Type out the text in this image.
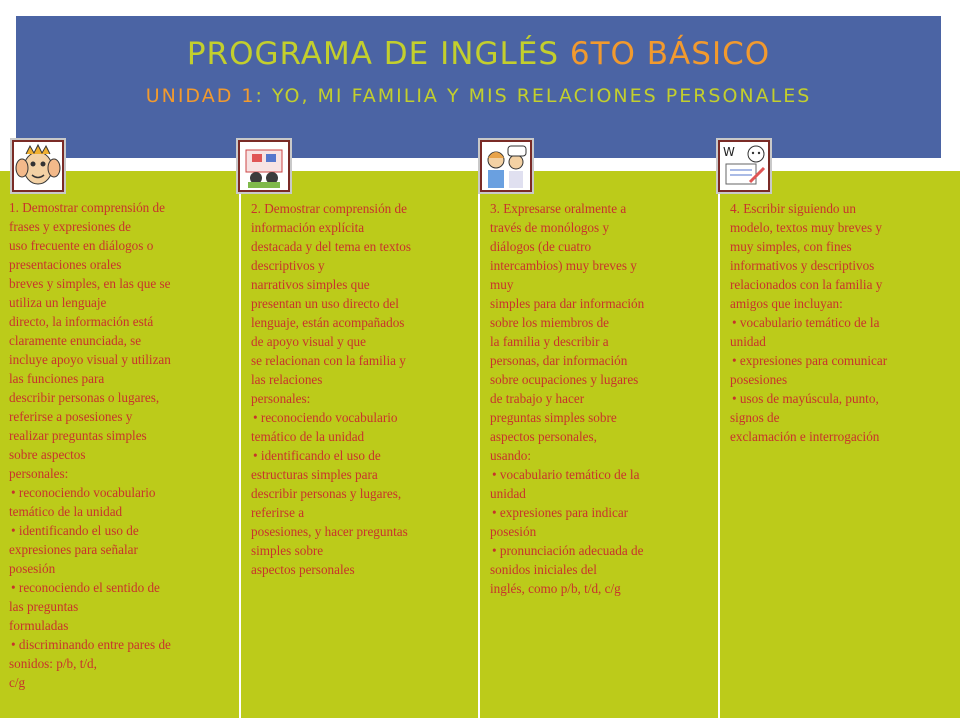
PROGRAMA DE INGLÉS 6TO BÁSICO
UNIDAD 1: YO, MI FAMILIA Y MIS RELACIONES PERSONALES
1. Demostrar comprensión de
frases y expresiones de
uso frecuente en diálogos o
presentaciones orales
breves y simples, en las que se
utiliza un lenguaje
directo, la información está
claramente enunciada, se
incluye apoyo visual y utilizan
las funciones para
describir personas o lugares,
referirse a posesiones y
realizar preguntas simples
sobre aspectos
personales:
• reconociendo vocabulario
temático de la unidad
• identificando el uso de
expresiones para señalar
posesión
• reconociendo el sentido de
las preguntas
formuladas
• discriminando entre pares de
sonidos: p/b, t/d,
c/g
2. Demostrar comprensión de
información explícita
destacada y del tema en textos
descriptivos y
narrativos simples que
presentan un uso directo del
lenguaje, están acompañados
de apoyo visual y que
se relacionan con la familia y
las relaciones
personales:
• reconociendo vocabulario
temático de la unidad
• identificando el uso de
estructuras simples para
describir personas y lugares,
referirse a
posesiones, y hacer preguntas
simples sobre
aspectos personales
3. Expresarse oralmente a
través de monólogos y
diálogos (de cuatro
intercambios) muy breves y
muy
simples para dar información
sobre los miembros de
la familia y describir a
personas, dar información
sobre ocupaciones y lugares
de trabajo y hacer
preguntas simples sobre
aspectos personales,
usando:
• vocabulario temático de la
unidad
• expresiones para indicar
posesión
• pronunciación adecuada de
sonidos iniciales del
inglés, como p/b, t/d, c/g
4. Escribir siguiendo un
modelo, textos muy breves y
muy simples, con fines
informativos y descriptivos
relacionados con la familia y
amigos que incluyan:
• vocabulario temático de la
unidad
• expresiones para comunicar
posesiones
• usos de mayúscula, punto,
signos de
exclamación e interrogación
W
